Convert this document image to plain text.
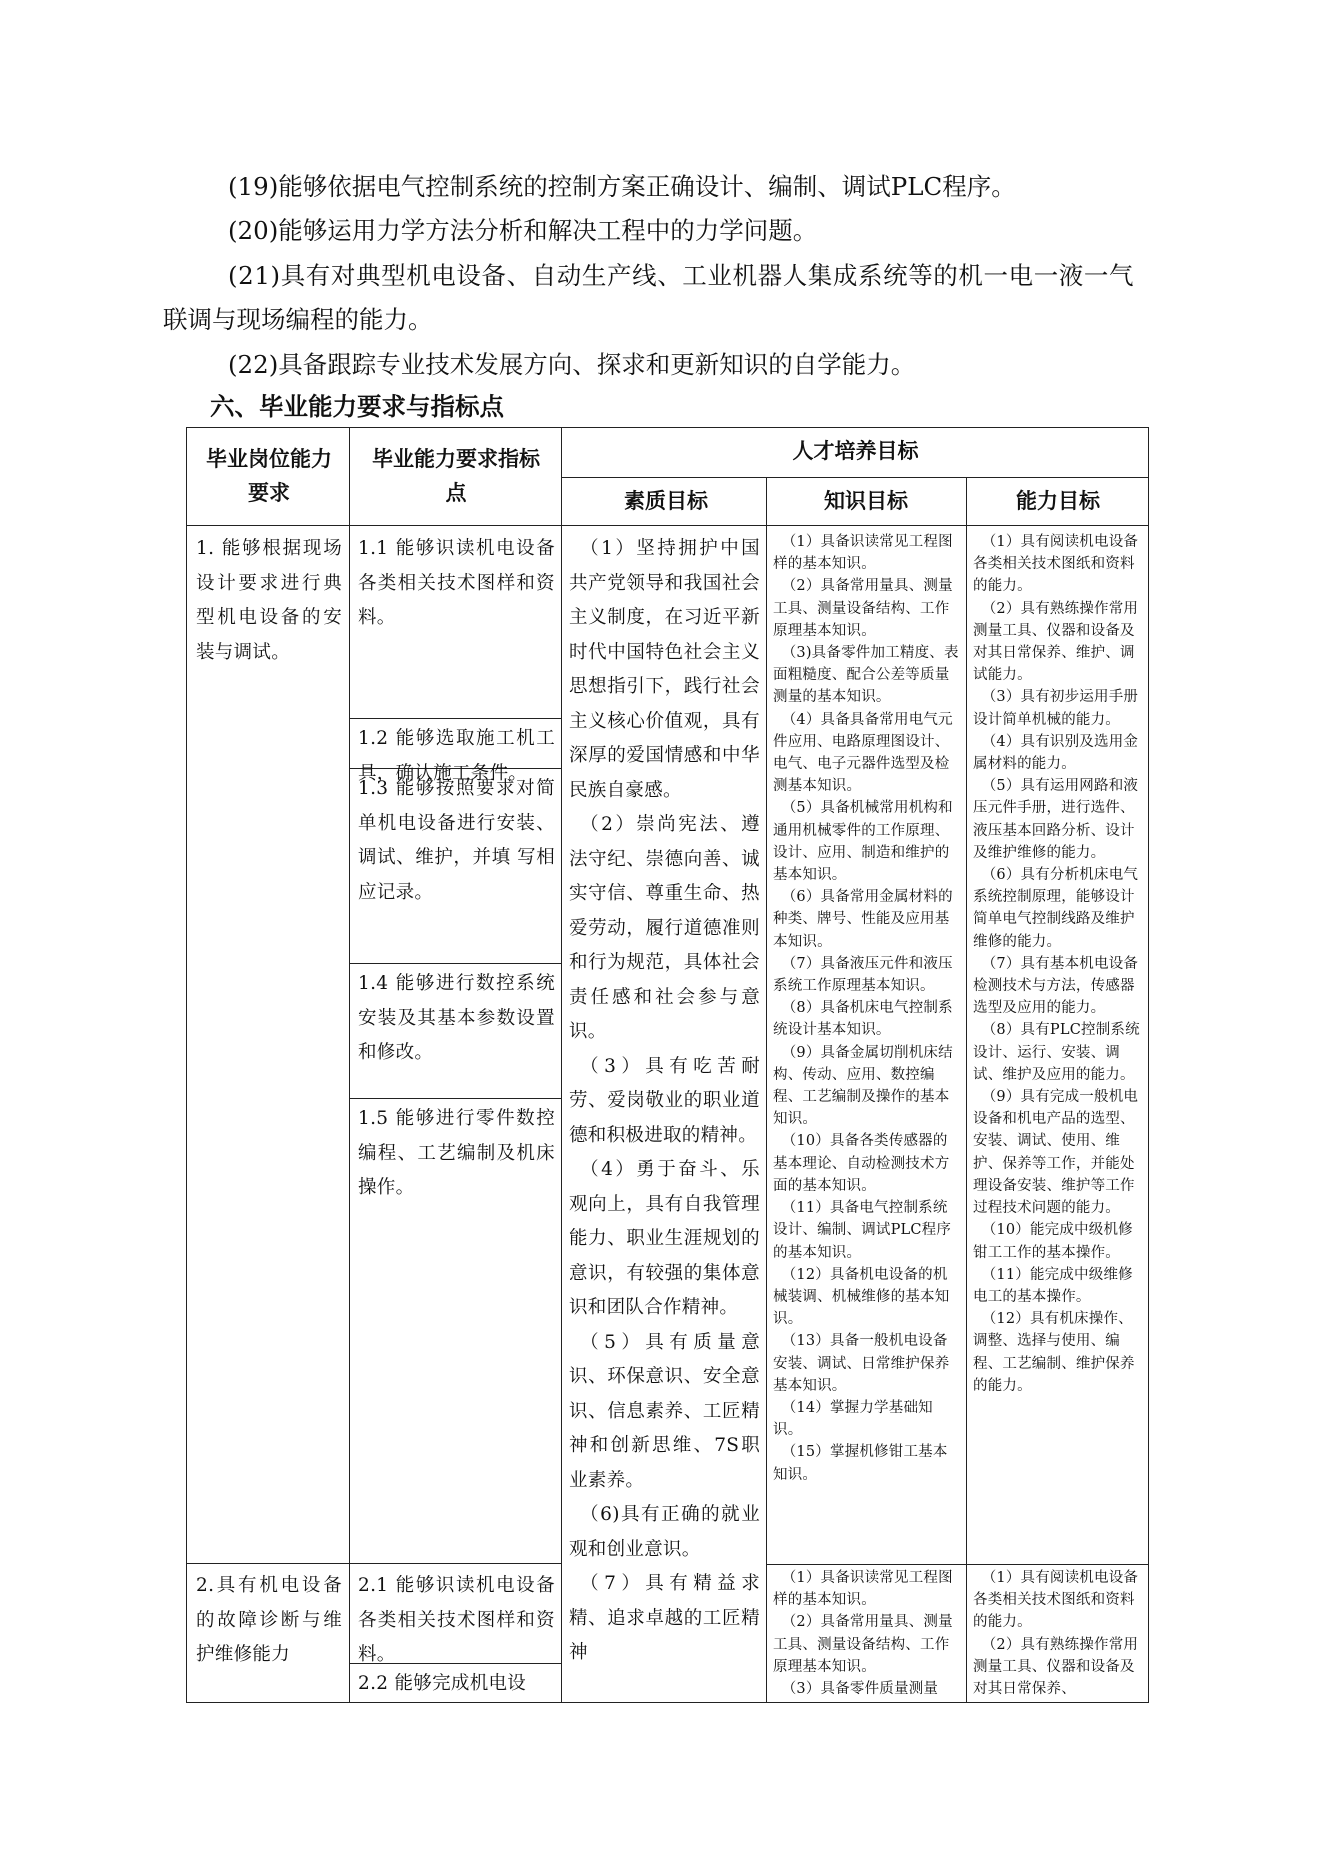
(19)能够依据电气控制系统的控制方案正确设计、编制、调试PLC程序。

(20)能够运用力学方法分析和解决工程中的力学问题。

(21)具有对典型机电设备、自动生产线、工业机器人集成系统等的机一电一液一气

联调与现场编程的能力。

(22)具备跟踪专业技术发展方向、探求和更新知识的自学能力。

六、毕业能力要求与指标点
毕业岗位能力要求
毕业能力要求指标点
人才培养目标
素质目标	知识目标	能力目标
1. 能够根据现场设计要求进行典型机电设备的安装与调试。
2.具有机电设备的故障诊断与维护维修能力
1.1 能够识读机电设备各类相关技术图样和资料。
1.2 能够选取施工机工具，确认施工条件。
1.3 能够按照要求对简单机电设备进行安装、调试、维护，并填 写相应记录。
1.4 能够进行数控系统安装及其基本参数设置和修改。
1.5 能够进行零件数控编程、工艺编制及机床操作。
2.1 能够识读机电设备各类相关技术图样和资料。
2.2 能够完成机电设
（1）坚持拥护中国共产党领导和我国社会主义制度，在习近平新时代中国特色社会主义思想指引下，践行社会主义核心价值观，具有深厚的爱国情感和中华民族自豪感。
（2）崇尚宪法、遵法守纪、崇德向善、诚实守信、尊重生命、热爱劳动，履行道德准则和行为规范，具体社会责任感和社会参与意识。
（3）具有吃苦耐劳、爱岗敬业的职业道德和积极进取的精神。
（4）勇于奋斗、乐观向上，具有自我管理能力、职业生涯规划的意识，有较强的集体意识和团队合作精神。
（5）具有质量意识、环保意识、安全意识、信息素养、工匠精神和创新思维、7S职业素养。
（6)具有正确的就业观和创业意识。
（7）具有精益求精、追求卓越的工匠精神
（1）具备识读常见工程图样的基本知识。
（2）具备常用量具、测量工具、测量设备结构、工作原理基本知识。
（3)具备零件加工精度、表面粗糙度、配合公差等质量测量的基本知识。
（4）具备具备常用电气元件应用、电路原理图设计、电气、电子元器件选型及检测基本知识。
（5）具备机械常用机构和通用机械零件的工作原理、设计、应用、制造和维护的基本知识。
（6）具备常用金属材料的种类、牌号、性能及应用基本知识。
（7）具备液压元件和液压系统工作原理基本知识。
（8）具备机床电气控制系统设计基本知识。
（9）具备金属切削机床结构、传动、应用、数控编程、工艺编制及操作的基本知识。
（10）具备各类传感器的基本理论、自动检测技术方面的基本知识。
（11）具备电气控制系统设计、编制、调试PLC程序的基本知识。
（12）具备机电设备的机械装调、机械维修的基本知识。
（13）具备一般机电设备安装、调试、日常维护保养基本知识。
（14）掌握力学基础知识。
（15）掌握机修钳工基本知识。
（1）具备识读常见工程图样的基本知识。
（2）具备常用量具、测量工具、测量设备结构、工作原理基本知识。
（3）具备零件质量测量
（1）具有阅读机电设备各类相关技术图纸和资料的能力。
（2）具有熟练操作常用测量工具、仪器和设备及对其日常保养、维护、调试能力。
（3）具有初步运用手册设计简单机械的能力。
（4）具有识别及选用金属材料的能力。
（5）具有运用网路和液压元件手册，进行选件、液压基本回路分析、设计及维护维修的能力。
（6）具有分析机床电气系统控制原理，能够设计简单电气控制线路及维护维修的能力。
（7）具有基本机电设备检测技术与方法，传感器选型及应用的能力。
（8）具有PLC控制系统设计、运行、安装、调试、维护及应用的能力。
（9）具有完成一般机电设备和机电产品的选型、安装、调试、使用、维护、保养等工作，并能处理设备安装、维护等工作过程技术问题的能力。
（10）能完成中级机修钳工工作的基本操作。
（11）能完成中级维修电工的基本操作。
（12）具有机床操作、调整、选择与使用、编程、工艺编制、维护保养的能力。
（1）具有阅读机电设备各类相关技术图纸和资料的能力。
（2）具有熟练操作常用测量工具、仪器和设备及对其日常保养、
